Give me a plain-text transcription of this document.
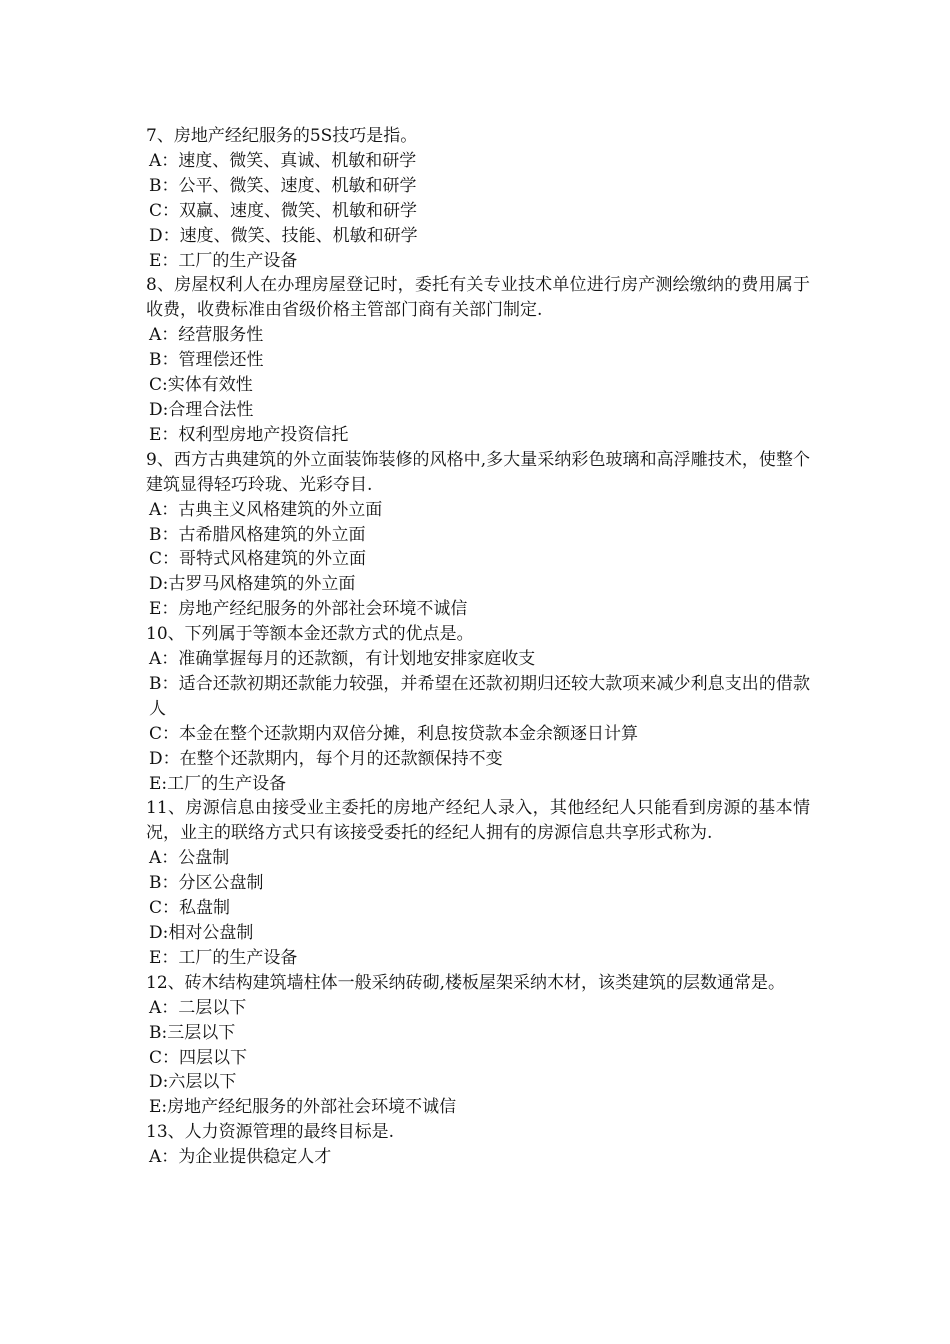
7、房地产经纪服务的5S技巧是指。

A：速度、微笑、真诚、机敏和研学

B：公平、微笑、速度、机敏和研学

C：双赢、速度、微笑、机敏和研学

D：速度、微笑、技能、机敏和研学

E：工厂的生产设备

8、房屋权利人在办理房屋登记时，委托有关专业技术单位进行房产测绘缴纳的费用属于收费，收费标准由省级价格主管部门商有关部门制定.

A：经营服务性

B：管理偿还性

C:实体有效性

D:合理合法性

E：权利型房地产投资信托

9、西方古典建筑的外立面装饰装修的风格中,多大量采纳彩色玻璃和高浮雕技术，使整个建筑显得轻巧玲珑、光彩夺目.

A：古典主义风格建筑的外立面

B：古希腊风格建筑的外立面

C：哥特式风格建筑的外立面

D:古罗马风格建筑的外立面

E：房地产经纪服务的外部社会环境不诚信

10、下列属于等额本金还款方式的优点是。

A：准确掌握每月的还款额，有计划地安排家庭收支

B：适合还款初期还款能力较强，并希望在还款初期归还较大款项来减少利息支出的借款人

C：本金在整个还款期内双倍分摊，利息按贷款本金余额逐日计算

D：在整个还款期内，每个月的还款额保持不变

E:工厂的生产设备

11、房源信息由接受业主委托的房地产经纪人录入，其他经纪人只能看到房源的基本情况，业主的联络方式只有该接受委托的经纪人拥有的房源信息共享形式称为.

A：公盘制

B：分区公盘制

C：私盘制

D:相对公盘制

E：工厂的生产设备

12、砖木结构建筑墙柱体一般采纳砖砌,楼板屋架采纳木材，该类建筑的层数通常是。

A：二层以下

B:三层以下

C：四层以下

D:六层以下

E:房地产经纪服务的外部社会环境不诚信

13、人力资源管理的最终目标是.

A：为企业提供稳定人才
